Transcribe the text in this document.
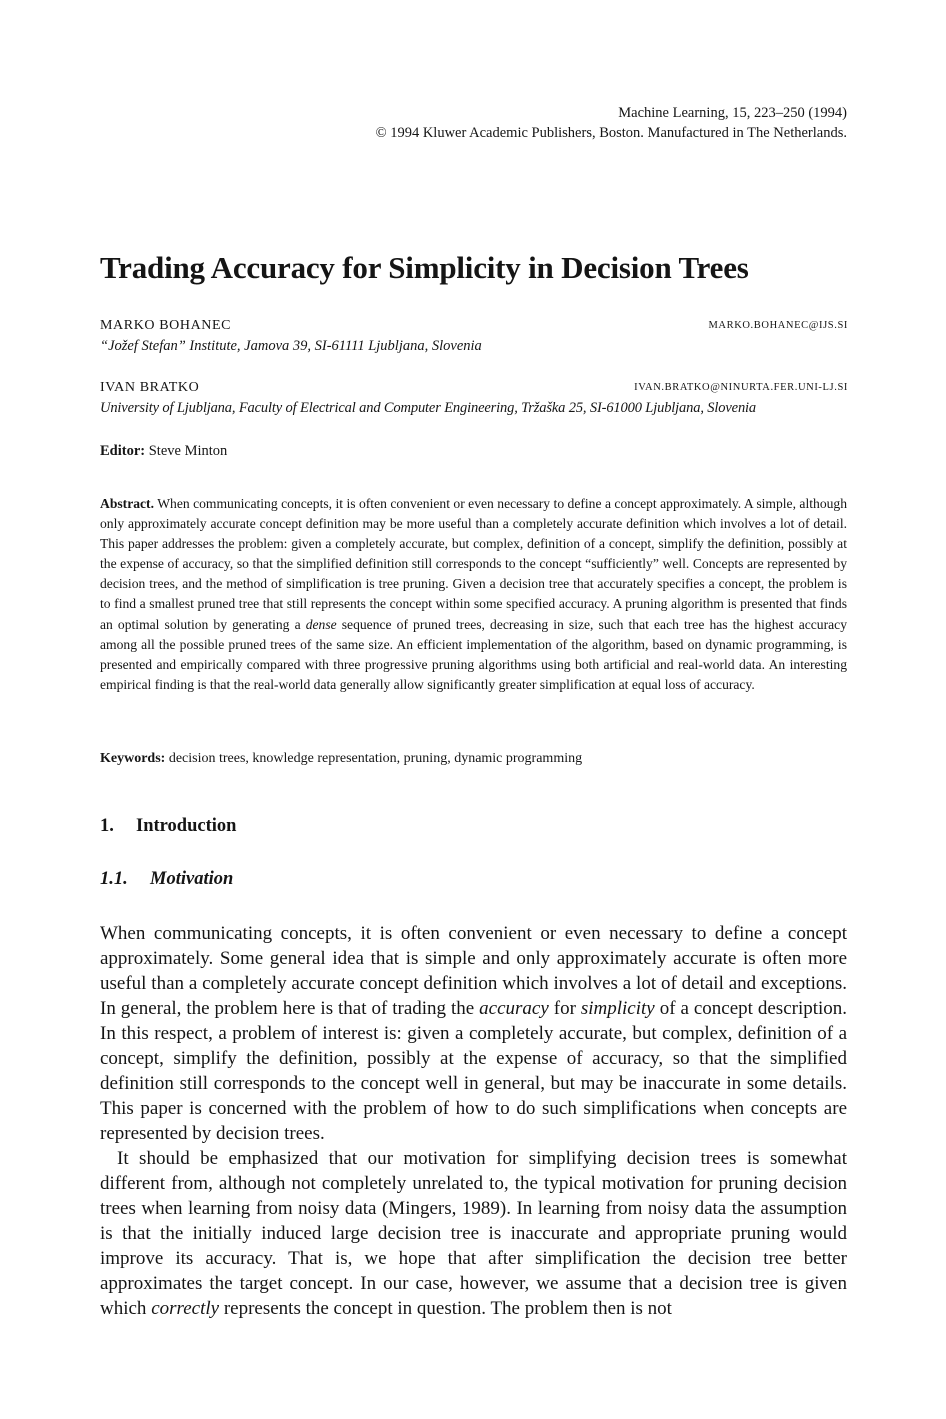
Machine Learning, 15, 223–250 (1994)
© 1994 Kluwer Academic Publishers, Boston. Manufactured in The Netherlands.
Trading Accuracy for Simplicity in Decision Trees
MARKO BOHANEC	MARKO.BOHANEC@IJS.SI
“Jožef Stefan” Institute, Jamova 39, SI-61111 Ljubljana, Slovenia
IVAN BRATKO	IVAN.BRATKO@NINURTA.FER.UNI-LJ.SI
University of Ljubljana, Faculty of Electrical and Computer Engineering, Tržaška 25, SI-61000 Ljubljana, Slovenia
Editor: Steve Minton
Abstract. When communicating concepts, it is often convenient or even necessary to define a concept approximately. A simple, although only approximately accurate concept definition may be more useful than a completely accurate definition which involves a lot of detail. This paper addresses the problem: given a completely accurate, but complex, definition of a concept, simplify the definition, possibly at the expense of accuracy, so that the simplified definition still corresponds to the concept “sufficiently” well. Concepts are represented by decision trees, and the method of simplification is tree pruning. Given a decision tree that accurately specifies a concept, the problem is to find a smallest pruned tree that still represents the concept within some specified accuracy. A pruning algorithm is presented that finds an optimal solution by generating a dense sequence of pruned trees, decreasing in size, such that each tree has the highest accuracy among all the possible pruned trees of the same size. An efficient implementation of the algorithm, based on dynamic programming, is presented and empirically compared with three progressive pruning algorithms using both artificial and real-world data. An interesting empirical finding is that the real-world data generally allow significantly greater simplification at equal loss of accuracy.
Keywords: decision trees, knowledge representation, pruning, dynamic programming
1. Introduction
1.1. Motivation

When communicating concepts, it is often convenient or even necessary to define a concept approximately. Some general idea that is simple and only approximately accurate is often more useful than a completely accurate concept definition which involves a lot of detail and exceptions. In general, the problem here is that of trading the accuracy for simplicity of a concept description. In this respect, a problem of interest is: given a completely accurate, but complex, definition of a concept, simplify the definition, possibly at the expense of accuracy, so that the simplified definition still corresponds to the concept well in general, but may be inaccurate in some details. This paper is concerned with the problem of how to do such simplifications when concepts are represented by decision trees.

It should be emphasized that our motivation for simplifying decision trees is somewhat different from, although not completely unrelated to, the typical motivation for pruning decision trees when learning from noisy data (Mingers, 1989). In learning from noisy data the assumption is that the initially induced large decision tree is inaccurate and appropriate pruning would improve its accuracy. That is, we hope that after simplification the decision tree better approximates the target concept. In our case, however, we assume that a decision tree is given which correctly represents the concept in question. The problem then is not
